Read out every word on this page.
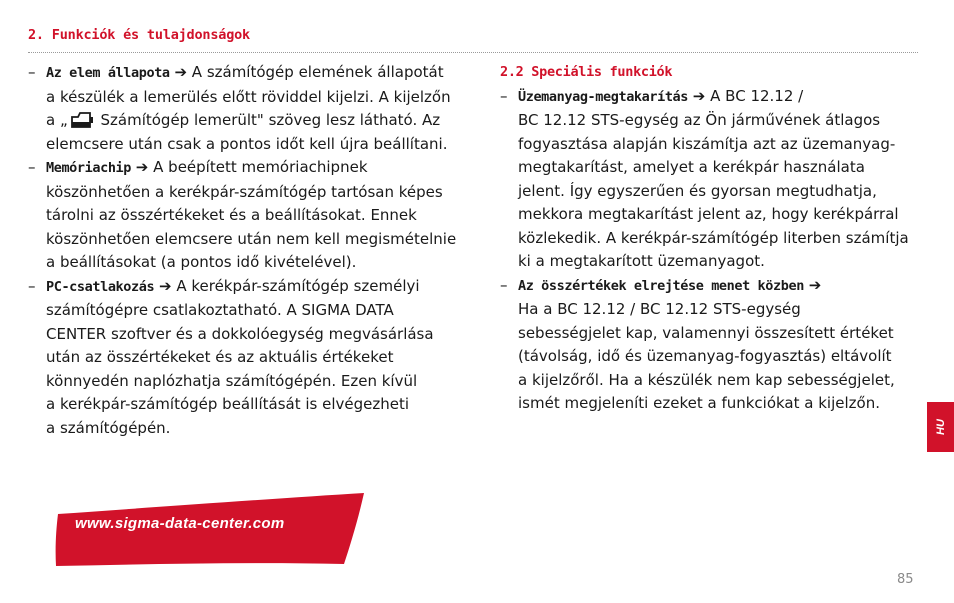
2. Funkciók és tulajdonságok
– Az elem állapota ➔ A számítógép elemének állapotát
a készülék a lemerülés előtt röviddel kijelzi. A kijelzőn
a „ Számítógép lemerült" szöveg lesz látható. Az
elemcsere után csak a pontos időt kell újra beállítani.
– Memóriachip ➔ A beépített memóriachipnek
köszönhetően a kerékpár-számítógép tartósan képes
tárolni az összértékeket és a beállításokat. Ennek
köszönhetően elemcsere után nem kell megismételnie
a beállításokat (a pontos idő kivételével).
– PC-csatlakozás ➔ A kerékpár-számítógép személyi
számítógépre csatlakoztatható. A SIGMA DATA
CENTER szoftver és a dokkolóegység megvásárlása
után az összértékeket és az aktuális értékeket
könnyedén naplózhatja számítógépén. Ezen kívül
a kerékpár-számítógép beállítását is elvégezheti
a számítógépén.
2.2 Speciális funkciók
– Üzemanyag-megtakarítás ➔ A BC 12.12 /
BC 12.12 STS-egység az Ön járművének átlagos
fogyasztása alapján kiszámítja azt az üzemanyag-
megtakarítást, amelyet a kerékpár használata
jelent. Így egyszerűen és gyorsan megtudhatja,
mekkora megtakarítást jelent az, hogy kerékpárral
közlekedik. A kerékpár-számítógép literben számítja
ki a megtakarított üzemanyagot.
– Az összértékek elrejtése menet közben ➔
Ha a BC 12.12 / BC 12.12 STS-egység
sebességjelet kap, valamennyi összesített értéket
(távolság, idő és üzemanyag-fogyasztás) eltávolít
a kijelzőről. Ha a készülék nem kap sebességjelet,
ismét megjeleníti ezeket a funkciókat a kijelzőn.
www.sigma-data-center.com
HU
85
